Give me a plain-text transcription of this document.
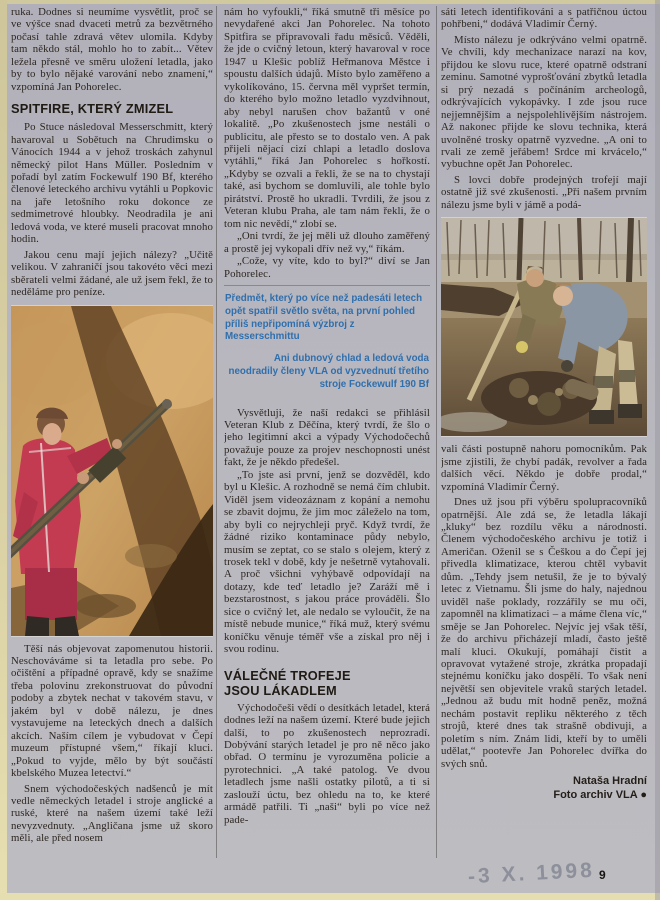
ruka. Dodnes si neumíme vysvětlit, proč se ve výšce snad dvaceti metrů za bezvětrného počasí tahle zdravá větev ulomila. Kdyby tam někdo stál, mohlo ho to zabít... Větev ležela přesně ve směru uložení letadla, jako by to bylo nějaké varování nebo znamení,“ vzpomíná Jan Pohorelec.

SPITFIRE, KTERÝ ZMIZEL

Po Stuce následoval Messerschmitt, který havaroval u Sobětuch na Chrudimsku o Vánocích 1944 a v jehož troskách zahynul německý pilot Hans Müller. Posledním v pořadí byl zatím Fockewulf 190 Bf, kterého členové leteckého archivu vytáhli u Popkovic na jaře letošního roku dokonce ze sedmimetrové hloubky. Neodradila je ani ledová voda, ve které museli pracovat mnoho hodin.

Jakou cenu mají jejich nálezy? „Učitě velikou. V zahraničí jsou takovéto věci mezi sběrateli velmi žádané, ale už jsem řekl, že to neděláme pro peníze.

Těší nás objevovat zapomenutou historii. Neschováváme si ta letadla pro sebe. Po očištění a případné opravě, kdy se snažíme třeba polovinu zrekonstruovat do původní podoby a zbytek nechat v takovém stavu, v jakém byl v době nálezu, je dnes vystavujeme na leteckých dnech a dalších akcích. Naším cílem je vybudovat v Čepí muzeum přístupné všem,“ říkají kluci. „Pokud to vyjde, mělo by být součástí kbelského Muzea letectví.“

Snem východočeských nadšenců je mít vedle německých letadel i stroje anglické a ruské, které na našem území také leží nevyzvednuty. „Angličana jsme už skoro měli, ale před nosem

nám ho vyfoukli,“ říká smutně tři měsíce po nevydařené akci Jan Pohorelec. Na tohoto Spitfira se připravovali řadu měsíců. Věděli, že jde o cvičný letoun, který havaroval v roce 1947 u Klešic poblíž Heřmanova Městce i spoustu dalších údajů. Místo bylo zaměřeno a vykolíkováno, 15. června měl vypršet termín, do kterého bylo možno letadlo vyzdvihnout, aby nebyl narušen chov bažantů v oné lokalitě. „Po zkušenostech jsme nestáli o publicitu, ale přesto se to dostalo ven. A pak přijeli nějací cizí chlapi a letadlo doslova vytáhli,“ říká Jan Pohorelec s hořkostí. „Kdyby se ozvali a řekli, že se na to chystají také, asi bychom se domluvili, ale tohle bylo pirátství. Prostě ho ukradli. Tvrdili, že jsou z Veteran klubu Praha, ale tam nám řekli, že o tom nic nevědí,“ zlobí se.

„Oni tvrdí, že jej měli už dlouho zaměřený a prostě jej vykopali dřív než vy,“ říkám.

„Cože, vy víte, kdo to byl?“ diví se Jan Pohorelec.

Předmět, který po více než padesáti letech opět spatřil světlo světa, na první pohled příliš nepřipomíná výzbroj z Messerschmittu

Ani dubnový chlad a ledová voda neodradily členy VLA od vyzvednutí třetího stroje Fockewulf 190 Bf

Vysvětluji, že naší redakci se přihlásil Veteran Klub z Děčína, který tvrdí, že šlo o jeho legitimní akci a výpady Východočechů považuje pouze za projev neschopnosti unést fakt, že je někdo předešel.

„To jste asi první, jenž se dozvěděl, kdo byl u Klešic. A rozhodně se nemá čím chlubit. Viděl jsem videozáznam z kopání a nemohu se zbavit dojmu, že jim moc záleželo na tom, aby byli co nejrychleji pryč. Když tvrdí, že žádné riziko kontaminace půdy nebylo, musím se zeptat, co se stalo s olejem, který z trosek tekl v době, kdy je nešetrně vytahovali. A proč všichni vyhýbavě odpovídají na dotazy, kde teď letadlo je? Zaráží mě i bezstarostnost, s jakou práce prováděli. Šlo sice o cvičný let, ale nedalo se vyloučit, že na místě nebude munice,“ říká muž, který svému koníčku věnuje téměř vše a získal pro něj i svou rodinu.

VÁLEČNÉ TROFEJE JSOU LÁKADLEM

Východočeši vědí o desítkách letadel, která dodnes leží na našem území. Které bude jejich další, to po zkušenostech neprozradí. Dobývání starých letadel je pro ně něco jako obřad. O termínu je vyrozuměna policie a pyrotechnici. „A také patolog. Ve dvou letadlech jsme našli ostatky pilotů, a ti si zaslouží úctu, bez ohledu na to, ke které armádě patřili. Ti „naši“ byli po více než pade-

sáti letech identifikováni a s patřičnou úctou pohřbeni,“ dodává Vladimír Černý.

Místo nálezu je odkrýváno velmi opatrně. Ve chvíli, kdy mechanizace narazí na kov, přijdou ke slovu ruce, které opatrně odstraní zeminu. Samotné vyprošťování zbytků letadla si prý nezadá s počínáním archeologů, odkrývajících vykopávky. I zde jsou ruce nejjemnějším a nejspolehlivějším nástrojem. Až nakonec přijde ke slovu technika, která uvolněné trosky opatrně vyzvedne. „A oni to rvali ze země jeřábem! Srdce mi krvácelo,“ vybuchne opět Jan Pohorelec.

S lovci dobře prodejných trofejí mají ostatně již své zkušenosti. „Při našem prvním nálezu jsme byli v jámě a podá-

vali části postupně nahoru pomocníkům. Pak jsme zjistili, že chybí padák, revolver a řada dalších věcí. Někdo je dobře prodal,“ vzpomíná Vladimír Černý.

Dnes už jsou při výběru spolupracovníků opatrnější. Ale zdá se, že letadla lákají „kluky“ bez rozdílu věku a národnosti. Členem východočeského archivu je totiž i Američan. Oženil se s Češkou a do Čepí jej přivedla klimatizace, kterou chtěl vybavit dům. „Tehdy jsem netušil, že je to bývalý letec z Vietnamu. Šli jsme do haly, najednou uviděl naše poklady, rozzářily se mu oči, zapomněl na klimatizaci – a máme člena víc,“ směje se Jan Pohorelec. Nejvíc jej však těší, že do archivu přicházejí mladí, často ještě malí kluci. Okukují, pomáhají čistit a opravovat vytažené stroje, zkrátka propadají stejnému koníčku jako dospělí. To však není největší sen objevitele vraků starých letadel. „Jednou až budu mít hodně peněz, možná nechám postavit repliku některého z těch strojů, které dnes tak strašně obdivuji, a poletím s ním. Znám lidi, kteří by to uměli udělat,“ pootevře Jan Pohorelec dvířka do svých snů.

Nataša Hradní
Foto archiv VLA ●
-3 X. 1998 9
